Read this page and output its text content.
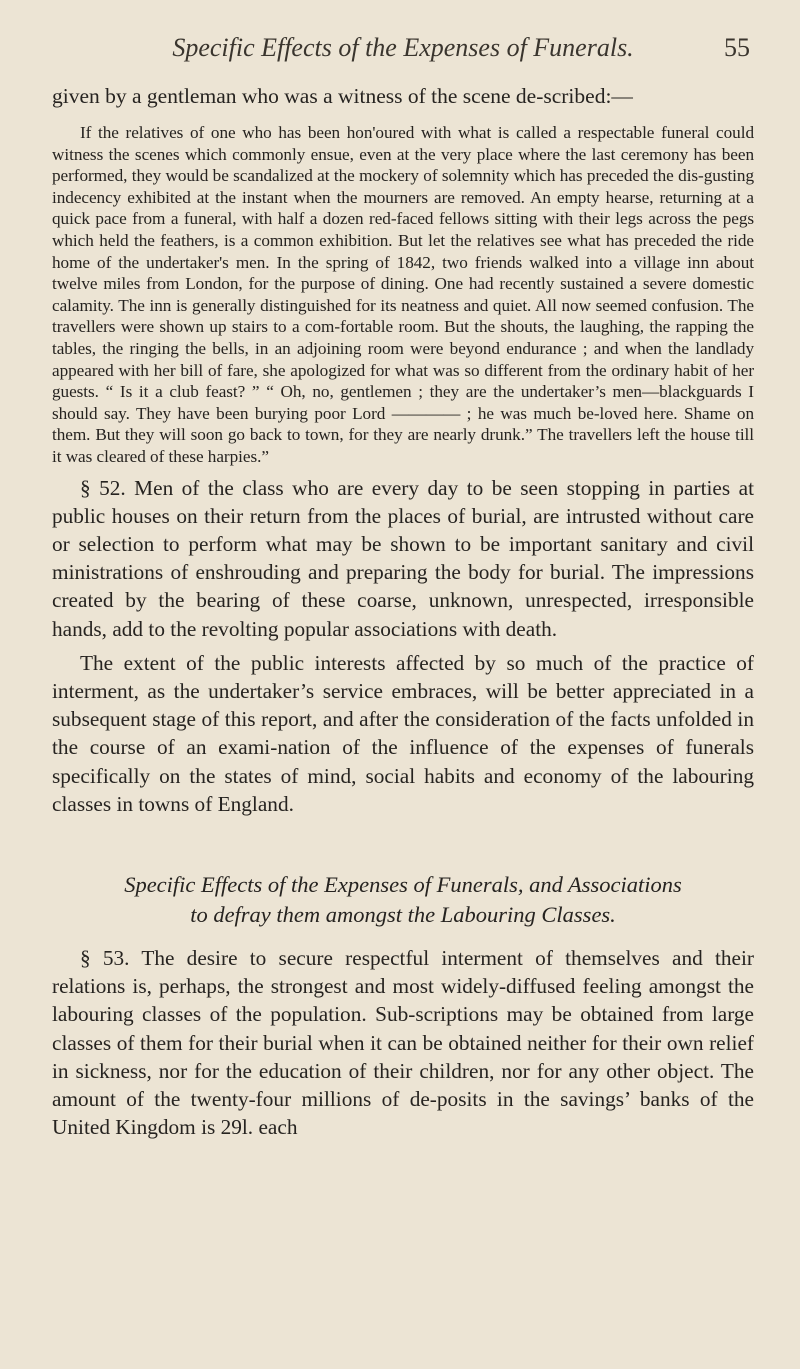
Specific Effects of the Expenses of Funerals.	55

given by a gentleman who was a witness of the scene de-scribed:—

If the relatives of one who has been hon'oured with what is called a respectable funeral could witness the scenes which commonly ensue, even at the very place where the last ceremony has been performed, they would be scandalized at the mockery of solemnity which has preceded the dis-gusting indecency exhibited at the instant when the mourners are removed. An empty hearse, returning at a quick pace from a funeral, with half a dozen red-faced fellows sitting with their legs across the pegs which held the feathers, is a common exhibition. But let the relatives see what has preceded the ride home of the undertaker's men. In the spring of 1842, two friends walked into a village inn about twelve miles from London, for the purpose of dining. One had recently sustained a severe domestic calamity. The inn is generally distinguished for its neatness and quiet. All now seemed confusion. The travellers were shown up stairs to a com-fortable room. But the shouts, the laughing, the rapping the tables, the ringing the bells, in an adjoining room were beyond endurance ; and when the landlady appeared with her bill of fare, she apologized for what was so different from the ordinary habit of her guests. “ Is it a club feast? ” “ Oh, no, gentlemen ; they are the undertaker’s men—blackguards I should say. They have been burying poor Lord ———— ; he was much be-loved here. Shame on them. But they will soon go back to town, for they are nearly drunk.” The travellers left the house till it was cleared of these harpies.”

§ 52. Men of the class who are every day to be seen stopping in parties at public houses on their return from the places of burial, are intrusted without care or selection to perform what may be shown to be important sanitary and civil ministrations of enshrouding and preparing the body for burial. The impressions created by the bearing of these coarse, unknown, unrespected, irresponsible hands, add to the revolting popular associations with death.

The extent of the public interests affected by so much of the practice of interment, as the undertaker’s service embraces, will be better appreciated in a subsequent stage of this report, and after the consideration of the facts unfolded in the course of an exami-nation of the influence of the expenses of funerals specifically on the states of mind, social habits and economy of the labouring classes in towns of England.

Specific Effects of the Expenses of Funerals, and Associations
to defray them amongst the Labouring Classes.

§ 53. The desire to secure respectful interment of themselves and their relations is, perhaps, the strongest and most widely-diffused feeling amongst the labouring classes of the population. Sub-scriptions may be obtained from large classes of them for their burial when it can be obtained neither for their own relief in sickness, nor for the education of their children, nor for any other object. The amount of the twenty-four millions of de-posits in the savings’ banks of the United Kingdom is 29l. each
